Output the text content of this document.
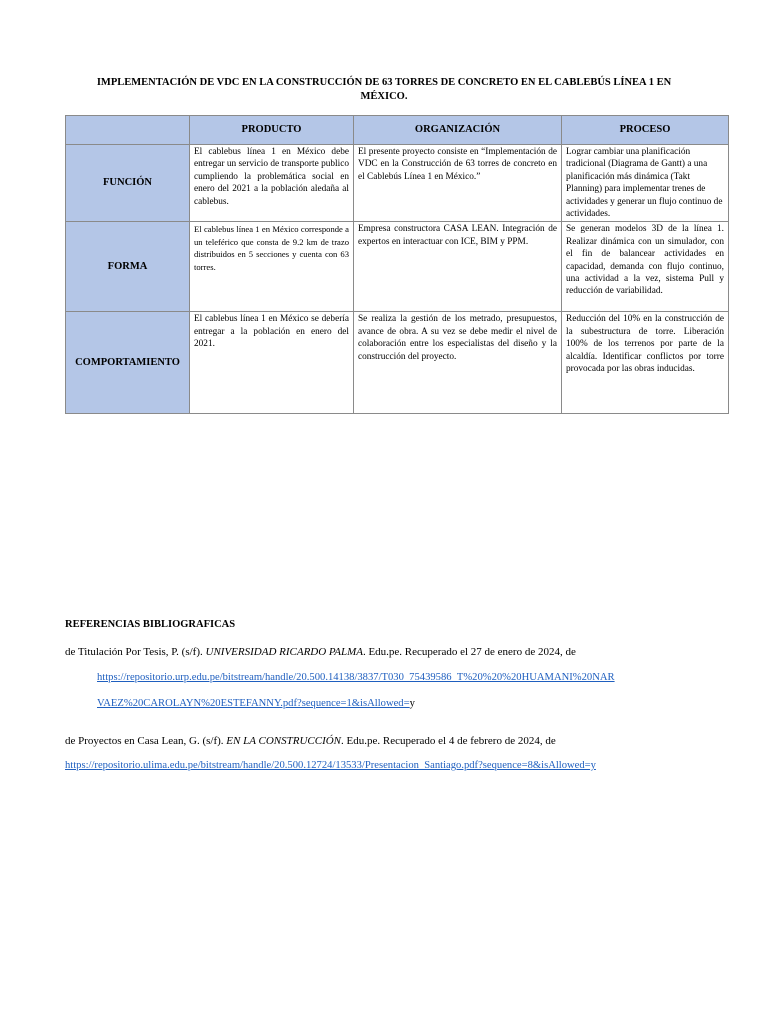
IMPLEMENTACIÓN DE VDC EN LA CONSTRUCCIÓN DE 63 TORRES DE CONCRETO EN EL CABLEBÚS LÍNEA 1 EN
MÉXICO.
	PRODUCTO	ORGANIZACIÓN	PROCESO
FUNCIÓN	El cablebus línea 1 en México debe entregar un servicio de transporte publico cumpliendo la problemática social en enero del 2021 a la población aledaña al cablebus.	El presente proyecto consiste en “Implementación de VDC en la Construcción de 63 torres de concreto en el Cablebús Línea 1 en México.”	Lograr cambiar una planificación tradicional (Diagrama de Gantt) a una planificación más dinámica (Takt Planning) para implementar trenes de actividades y generar un flujo continuo de actividades.
FORMA	El cablebus línea 1 en México corresponde a un teleférico que consta de 9.2 km de trazo distribuidos en 5 secciones y cuenta con 63 torres.	Empresa constructora CASA LEAN. Integración de expertos en interactuar con ICE, BIM y PPM.	Se generan modelos 3D de la línea 1. Realizar dinámica con un simulador, con el fin de balancear actividades en capacidad, demanda con flujo continuo, una actividad a la vez, sistema Pull y reducción de variabilidad.
COMPORTAMIENTO	El cablebus línea 1 en México se debería entregar a la población en enero del 2021.	Se realiza la gestión de los metrado, presupuestos, avance de obra. A su vez se debe medir el nivel de colaboración entre los especialistas del diseño y la construcción del proyecto.	Reducción del 10% en la construcción de la subestructura de torre. Liberación 100% de los terrenos por parte de la alcaldía. Identificar conflictos por torre provocada por las obras inducidas.
REFERENCIAS BIBLIOGRAFICAS
de Titulación Por Tesis, P. (s/f). UNIVERSIDAD RICARDO PALMA. Edu.pe. Recuperado el 27 de enero de 2024, de
https://repositorio.urp.edu.pe/bitstream/handle/20.500.14138/3837/T030_75439586_T%20%20%20HUAMANI%20NAR
VAEZ%20CAROLAYN%20ESTEFANNY.pdf?sequence=1&isAllowed=y
de Proyectos en Casa Lean, G. (s/f). EN LA CONSTRUCCIÓN. Edu.pe. Recuperado el 4 de febrero de 2024, de
https://repositorio.ulima.edu.pe/bitstream/handle/20.500.12724/13533/Presentacion_Santiago.pdf?sequence=8&isAllowed=y
